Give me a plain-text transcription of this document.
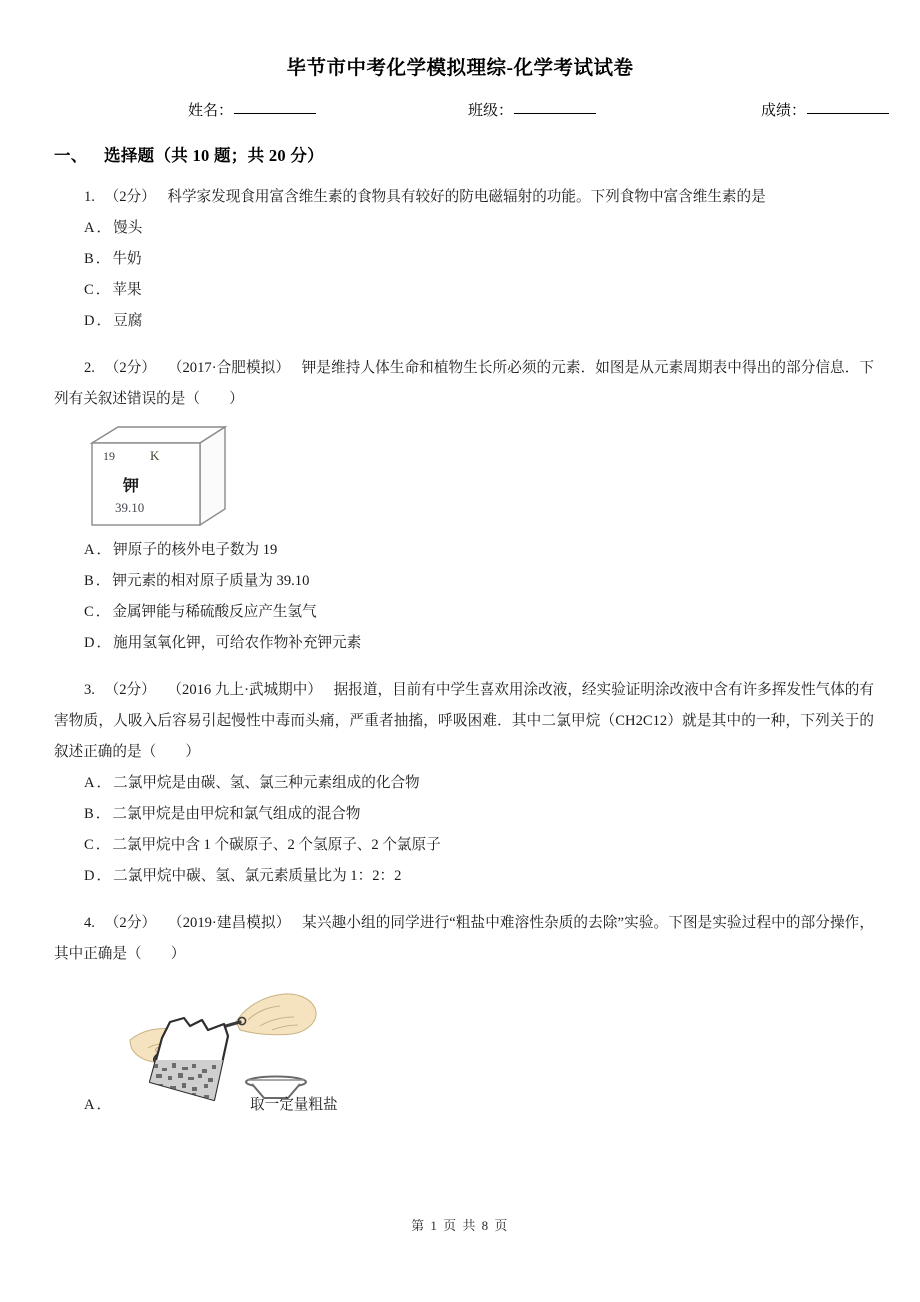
毕节市中考化学模拟理综-化学考试试卷
姓名：	班级：	成绩：
一、 选择题（共 10 题；共 20 分）
1. （2分） 科学家发现食用富含维生素的食物具有较好的防电磁辐射的功能。下列食物中富含维生素的是
A． 馒头
B． 牛奶
C． 苹果
D． 豆腐
2. （2分） （2017·合肥模拟） 钾是维持人体生命和植物生长所必须的元素．如图是从元素周期表中得出的部分信息．下列有关叙述错误的是（　　）
19	K
钾
39.10
A． 钾原子的核外电子数为 19
B． 钾元素的相对原子质量为 39.10
C． 金属钾能与稀硫酸反应产生氢气
D． 施用氢氧化钾，可给农作物补充钾元素
3. （2分） （2016 九上·武城期中） 据报道，目前有中学生喜欢用涂改液，经实验证明涂改液中含有许多挥发性气体的有害物质，人吸入后容易引起慢性中毒而头痛，严重者抽搐，呼吸困难．其中二氯甲烷（CH2C12）就是其中的一种，下列关于的叙述正确的是（　　）
A． 二氯甲烷是由碳、氢、氯三种元素组成的化合物
B． 二氯甲烷是由甲烷和氯气组成的混合物
C． 二氯甲烷中含 1 个碳原子、2 个氢原子、2 个氯原子
D． 二氯甲烷中碳、氢、氯元素质量比为 1：2：2
4. （2分） （2019·建昌模拟） 某兴趣小组的同学进行“粗盐中难溶性杂质的去除”实验。下图是实验过程中的部分操作，其中正确是（　　）
A．	取一定量粗盐
第 1 页 共 8 页
